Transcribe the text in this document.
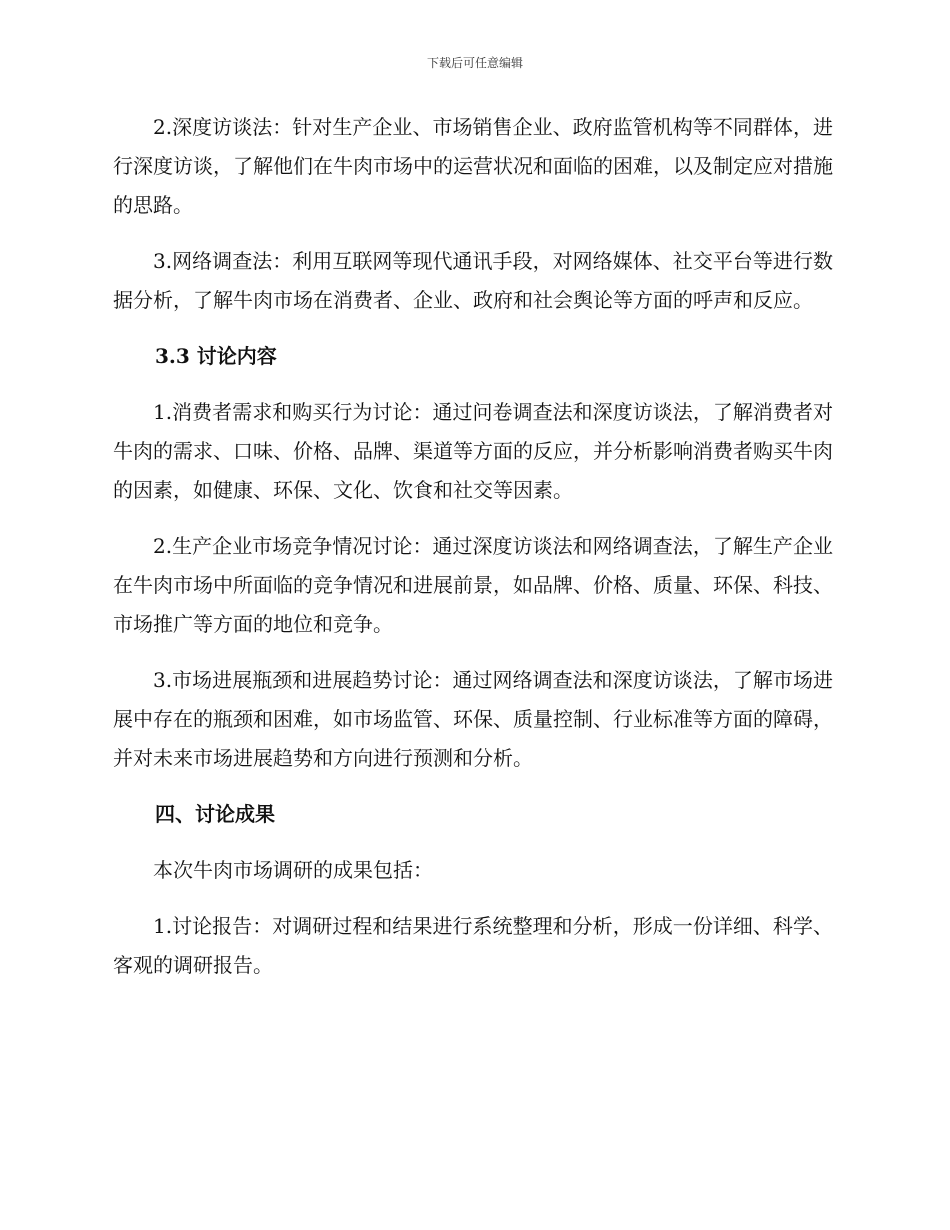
下载后可任意编辑

2.深度访谈法：针对生产企业、市场销售企业、政府监管机构等不同群体，进行深度访谈，了解他们在牛肉市场中的运营状况和面临的困难，以及制定应对措施的思路。

3.网络调查法：利用互联网等现代通讯手段，对网络媒体、社交平台等进行数据分析，了解牛肉市场在消费者、企业、政府和社会舆论等方面的呼声和反应。

3.3 讨论内容

1.消费者需求和购买行为讨论：通过问卷调查法和深度访谈法，了解消费者对牛肉的需求、口味、价格、品牌、渠道等方面的反应，并分析影响消费者购买牛肉的因素，如健康、环保、文化、饮食和社交等因素。

2.生产企业市场竞争情况讨论：通过深度访谈法和网络调查法，了解生产企业在牛肉市场中所面临的竞争情况和进展前景，如品牌、价格、质量、环保、科技、市场推广等方面的地位和竞争。

3.市场进展瓶颈和进展趋势讨论：通过网络调查法和深度访谈法，了解市场进展中存在的瓶颈和困难，如市场监管、环保、质量控制、行业标准等方面的障碍，并对未来市场进展趋势和方向进行预测和分析。

四、讨论成果

本次牛肉市场调研的成果包括：

1.讨论报告：对调研过程和结果进行系统整理和分析，形成一份详细、科学、客观的调研报告。
